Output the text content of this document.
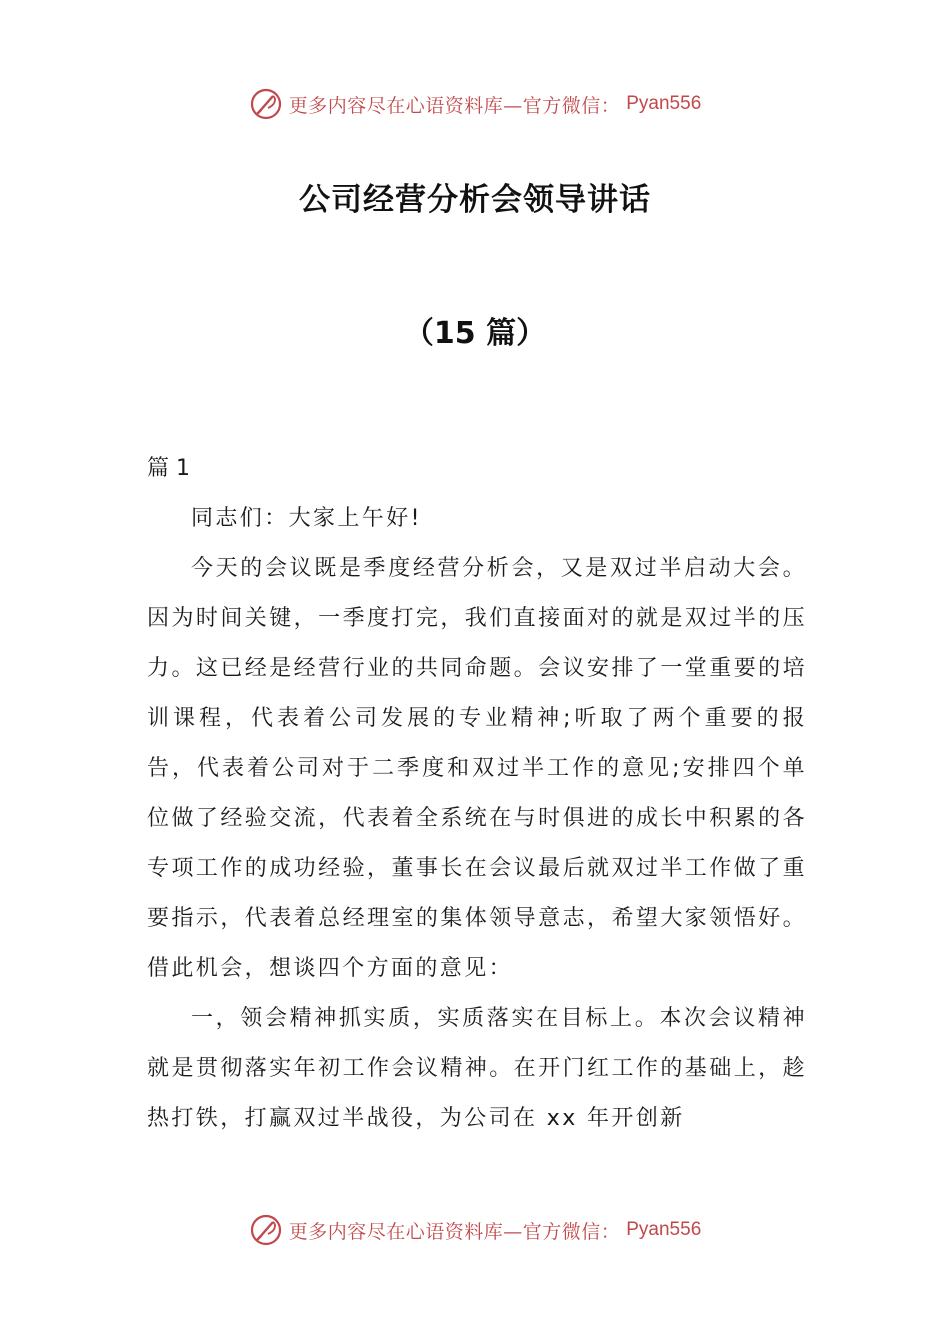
更多内容尽在心语资料库—官方微信： Pyan556
公司经营分析会领导讲话
（15 篇）
篇 1

同志们：大家上午好!

今天的会议既是季度经营分析会，又是双过半启动大会。因为时间关键，一季度打完，我们直接面对的就是双过半的压力。这已经是经营行业的共同命题。会议安排了一堂重要的培训课程，代表着公司发展的专业精神;听取了两个重要的报告，代表着公司对于二季度和双过半工作的意见;安排四个单位做了经验交流，代表着全系统在与时俱进的成长中积累的各专项工作的成功经验，董事长在会议最后就双过半工作做了重要指示，代表着总经理室的集体领导意志，希望大家领悟好。借此机会，想谈四个方面的意见：

一，领会精神抓实质，实质落实在目标上。本次会议精神就是贯彻落实年初工作会议精神。在开门红工作的基础上，趁热打铁，打赢双过半战役，为公司在 xx 年开创新

更多内容尽在心语资料库—官方微信： Pyan556
